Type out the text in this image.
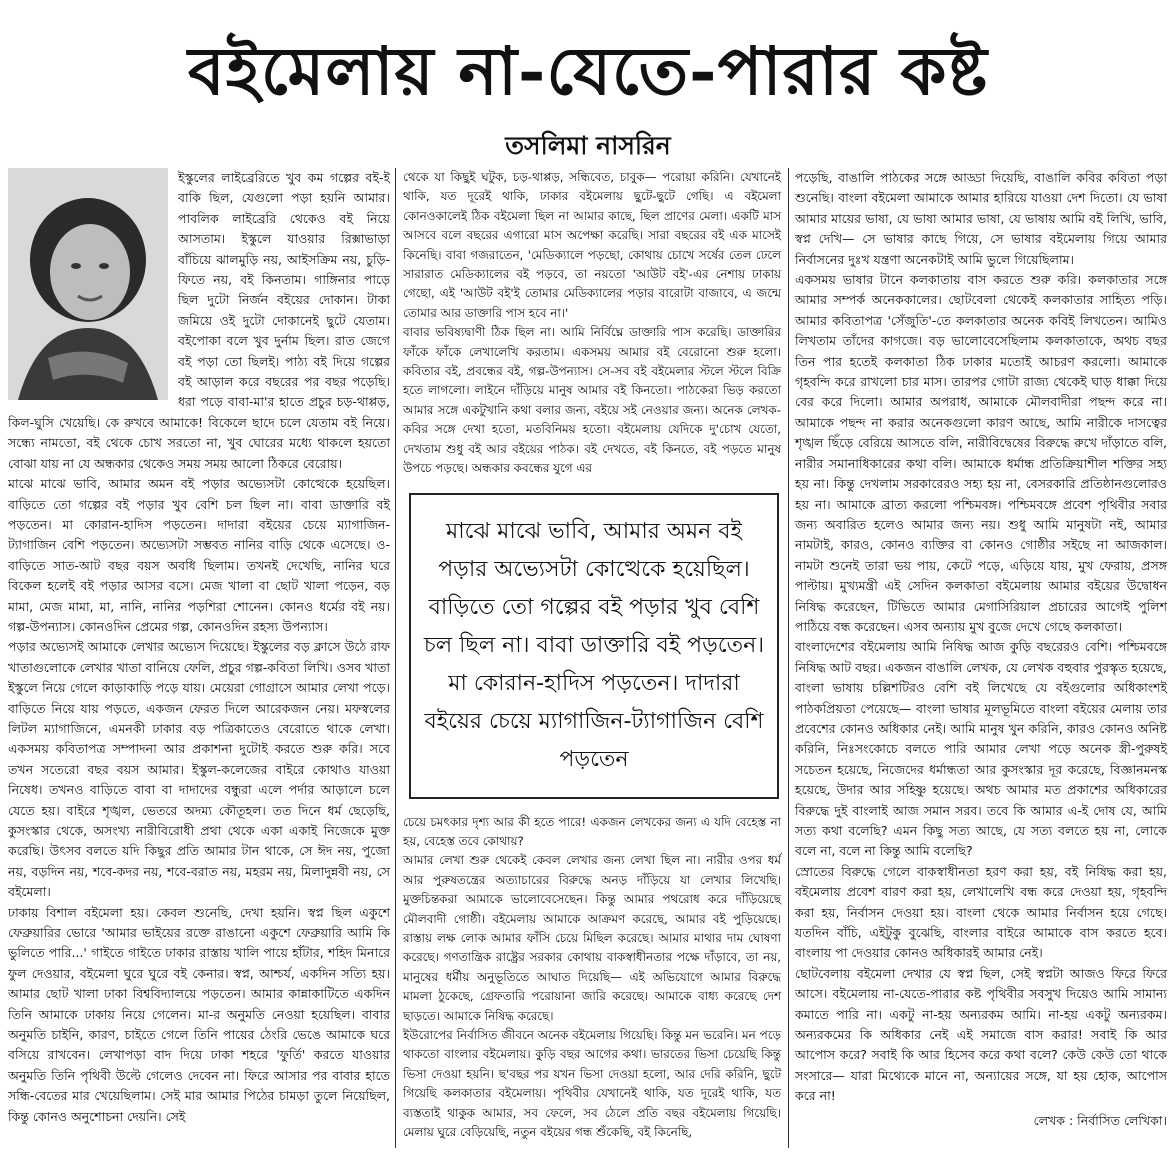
বইমেলায় না-যেতে-পারার কষ্ট
তসলিমা নাসরিন

ইস্কুলের লাইব্রেরিতে খুব কম গল্পের বই-ই বাকি ছিল, যেগুলো পড়া হয়নি আমার। পাবলিক লাইব্রেরি থেকেও বই নিয়ে আসতাম। ইস্কুলে যাওয়ার রিক্সাভাড়া বাঁচিয়ে ঝালমুড়ি নয়, আইসক্রিম নয়, চুড়ি-ফিতে নয়, বই কিনতাম। গাঙ্গিনার পাড়ে ছিল দুটো নির্জন বইয়ের দোকান। টাকা জমিয়ে ওই দুটো দোকানেই ছুটে যেতাম। বইপোকা বলে খুব দুর্নাম ছিল। রাত জেগে বই পড়া তো ছিলই। পাঠ্য বই দিয়ে গল্পের বই আড়াল করে বছরের পর বছর পড়েছি। ধরা পড়ে বাবা-মা'র হাতে প্রচুর চড়-থাপ্পড়, কিল-ঘুসি খেয়েছি। কে রুখবে আমাকে! বিকেলে ছাদে চলে যেতাম বই নিয়ে। সন্ধ্যে নামতো, বই থেকে চোখ সরতো না, খুব ঘোরের মধ্যে থাকলে হয়তো বোঝা যায় না যে অন্ধকার থেকেও সময় সময় আলো ঠিকরে বেরোয়।

মাঝে মাঝে ভাবি, আমার অমন বই পড়ার অভ্যেসটা কোত্থেকে হয়েছিল। বাড়িতে তো গল্পের বই পড়ার খুব বেশি চল ছিল না। বাবা ডাক্তারি বই পড়তেন। মা কোরান-হাদিস পড়তেন। দাদারা বইয়ের চেয়ে ম্যাগাজিন-ট্যাগাজিন বেশি পড়তেন। অভ্যেসটা সম্ভবত নানির বাড়ি থেকে এসেছে। ও-বাড়িতে সাত-আট বছর বয়স অবধি ছিলাম। তখনই দেখেছি, নানির ঘরে বিকেল হলেই বই পড়ার আসর বসে। মেজ খালা বা ছোট খালা পড়েন, বড় মামা, মেজ মামা, মা, নানি, নানির পড়শিরা শোনেন। কোনও ধর্মের বই নয়। গল্প-উপন্যাস। কোনওদিন প্রেমের গল্প, কোনওদিন রহস্য উপন্যাস।

পড়ার অভ্যেসই আমাকে লেখার অভ্যেস দিয়েছে। ইস্কুলের বড় ক্লাসে উঠে রাফ খাতাগুলোকে লেখার খাতা বানিয়ে ফেলি, প্রচুর গল্প-কবিতা লিখি। ওসব খাতা ইস্কুলে নিয়ে গেলে কাড়াকাড়ি পড়ে যায়। মেয়েরা গোগ্রাসে আমার লেখা পড়ে। বাড়িতে নিয়ে যায় পড়তে, একজন ফেরত দিলে আরেকজন নেয়। মফস্বলের লিটল ম্যাগাজিনে, এমনকী ঢাকার বড় পত্রিকাতেও বেরোতে থাকে লেখা। একসময় কবিতাপত্র সম্পাদনা আর প্রকাশনা দুটোই করতে শুরু করি। সবে তখন সতেরো বছর বয়স আমার। ইস্কুল-কলেজের বাইরে কোথাও যাওয়া নিষেধ। তখনও বাড়িতে বাবা বা দাদাদের বন্ধুরা এলে পর্দার আড়ালে চলে যেতে হয়। বাইরে শৃঙ্খল, ভেতরে অদম্য কৌতূহল। তত দিনে ধর্ম ছেড়েছি, কুসংস্কার থেকে, অসংখ্য নারীবিরোধী প্রথা থেকে একা একাই নিজেকে মুক্ত করেছি। উৎসব বলতে যদি কিছুর প্রতি আমার টান থাকে, সে ঈদ নয়, পুজো নয়, বড়দিন নয়, শবে-কদর নয়, শবে-বরাত নয়, মহরম নয়, মিলাদুন্নবী নয়, সে বইমেলা।

ঢাকায় বিশাল বইমেলা হয়। কেবল শুনেছি, দেখা হয়নি। স্বপ্ন ছিল একুশে ফেব্রুয়ারির ভোরে 'আমার ভাইয়ের রক্তে রাঙানো একুশে ফেব্রুয়ারি আমি কি ভুলিতে পারি...' গাইতে গাইতে ঢাকার রাস্তায় খালি পায়ে হাঁটার, শহিদ মিনারে ফুল দেওয়ার, বইমেলা ঘুরে ঘুরে বই কেনার। স্বপ্ন, আশ্চর্য, একদিন সত্যি হয়। আমার ছোট খালা ঢাকা বিশ্ববিদ্যালয়ে পড়তেন। আমার কান্নাকাটিতে একদিন তিনি আমাকে ঢাকায় নিয়ে গেলেন। মা-র অনুমতি নেওয়া হয়েছিল। বাবার অনুমতি চাইনি, কারণ, চাইতে গেলে তিনি পায়ের ঠেংরি ভেঙে আমাকে ঘরে বসিয়ে রাখবেন। লেখাপড়া বাদ দিয়ে ঢাকা শহরে 'ফুর্তি' করতে যাওয়ার অনুমতি তিনি পৃথিবী উল্টে গেলেও দেবেন না। ফিরে আসার পর বাবার হাতে সন্ধি-বেতের মার খেয়েছিলাম। সেই মার আমার পিঠের চামড়া তুলে নিয়েছিল, কিন্তু কোনও অনুশোচনা দেয়নি। সেই

থেকে যা কিছুই ঘটুক, চড়-থাপ্পড়, সন্ধিবেত, চাবুক— পরোয়া করিনি। যেখানেই থাকি, যত দূরেই থাকি, ঢাকার বইমেলায় ছুটে-ছুটে গেছি। এ বইমেলা কোনওকালেই ঠিক বইমেলা ছিল না আমার কাছে, ছিল প্রাণের মেলা। একটি মাস আসবে বলে বছরের এগারো মাস অপেক্ষা করেছি। সারা বছরের বই এক মাসেই কিনেছি। বাবা গজরাতেন, 'মেডিক্যালে পড়ছো, কোথায় চোখে সর্ষের তেল ঢেলে সারারাত মেডিক্যালের বই পড়বে, তা নয়তো 'আউট বই'-এর নেশায় ঢাকায় গেছো, এই 'আউট বই'ই তোমার মেডিক্যালের পড়ার বারোটা বাজাবে, এ জন্মে তোমার আর ডাক্তারি পাস হবে না।'

বাবার ভবিষ্যদ্বাণী ঠিক ছিল না। আমি নির্বিঘ্নে ডাক্তারি পাস করেছি। ডাক্তারির ফাঁকে ফাঁকে লেখালেখি করতাম। একসময় আমার বই বেরোনো শুরু হলো। কবিতার বই, প্রবন্ধের বই, গল্প-উপন্যাস। সে-সব বই বইমেলার স্টলে স্টলে বিক্রি হতে লাগলো। লাইনে দাঁড়িয়ে মানুষ আমার বই কিনতো। পাঠকেরা ভিড় করতো আমার সঙ্গে একটুখানি কথা বলার জন্য, বইয়ে সই নেওয়ার জন্য। অনেক লেখক-কবির সঙ্গে দেখা হতো, মতবিনিময় হতো। বইমেলায় যেদিকে দু'চোখ যেতো, দেখতাম শুধু বই আর বইয়ের পাঠক। বই দেখতে, বই কিনতে, বই পড়তে মানুষ উপচে পড়ছে। অন্ধকার কবন্ধের যুগে এর

মাঝে মাঝে ভাবি, আমার অমন বই পড়ার অভ্যেসটা কোত্থেকে হয়েছিল। বাড়িতে তো গল্পের বই পড়ার খুব বেশি চল ছিল না। বাবা ডাক্তারি বই পড়তেন। মা কোরান-হাদিস পড়তেন। দাদারা বইয়ের চেয়ে ম্যাগাজিন-ট্যাগাজিন বেশি পড়তেন

চেয়ে চমৎকার দৃশ্য আর কী হতে পারে! একজন লেখকের জন্য এ যদি বেহেস্ত না হয়, বেহেস্ত তবে কোথায়?

আমার লেখা শুরু থেকেই কেবল লেখার জন্য লেখা ছিল না। নারীর ওপর ধর্ম আর পুরুষতন্ত্রের অত্যাচারের বিরুদ্ধে অনড় দাঁড়িয়ে যা লেখার লিখেছি। মুক্তচিন্তকরা আমাকে ভালোবেসেছেন। কিন্তু আমার পথরোধ করে দাঁড়িয়েছে মৌলবাদী গোষ্ঠী। বইমেলায় আমাকে আক্রমণ করেছে, আমার বই পুড়িয়েছে। রাস্তায় লক্ষ লোক আমার ফাঁসি চেয়ে মিছিল করেছে। আমার মাথার দাম ঘোষণা করেছে। গণতান্ত্রিক রাষ্ট্রের সরকার কোথায় বাকস্বাধীনতার পক্ষে দাঁড়াবে, তা নয়, মানুষের ধর্মীয় অনুভূতিতে আঘাত দিয়েছি— এই অভিযোগে আমার বিরুদ্ধে মামলা ঠুকেছে, গ্রেফতারি পরোয়ানা জারি করেছে। আমাকে বাধ্য করেছে দেশ ছাড়তে। আমাকে নিষিদ্ধ করেছে।

ইউরোপের নির্বাসিত জীবনে অনেক বইমেলায় গিয়েছি। কিন্তু মন ভরেনি। মন পড়ে থাকতো বাংলার বইমেলায়। কুড়ি বছর আগের কথা। ভারতের ভিসা চেয়েছি কিন্তু ভিসা দেওয়া হয়নি। ছ'বছর পর যখন ভিসা দেওয়া হলো, আর দেরি করিনি, ছুটে গিয়েছি কলকাতার বইমেলায়। পৃথিবীর যেখানেই থাকি, যত দূরেই থাকি, যত ব্যস্ততাই থাকুক আমার, সব ফেলে, সব ঠেলে প্রতি বছর বইমেলায় গিয়েছি। মেলায় ঘুরে বেড়িয়েছি, নতুন বইয়ের গন্ধ শুঁকেছি, বই কিনেছি,

পড়েছি, বাঙালি পাঠকের সঙ্গে আড্ডা দিয়েছি, বাঙালি কবির কবিতা পড়া শুনেছি। বাংলা বইমেলা আমাকে আমার হারিয়ে যাওয়া দেশ দিতো। যে ভাষা আমার মায়ের ভাষা, যে ভাষা আমার ভাষা, যে ভাষায় আমি বই লিখি, ভাবি, স্বপ্ন দেখি— সে ভাষার কাছে গিয়ে, সে ভাষার বইমেলায় গিয়ে আমার নির্বাসনের দুঃখ যন্ত্রণা অনেকটাই আমি ভুলে গিয়েছিলাম।

একসময় ভাষার টানে কলকাতায় বাস করতে শুরু করি। কলকাতার সঙ্গে আমার সম্পর্ক অনেককালের। ছোটবেলা থেকেই কলকাতার সাহিত্য পড়ি। আমার কবিতাপত্র 'সেঁজুতি'-তে কলকাতার অনেক কবিই লিখতেন। আমিও লিখতাম তাঁদের কাগজে। বড় ভালোবেসেছিলাম কলকাতাকে, অথচ বছর তিন পার হতেই কলকাতা ঠিক ঢাকার মতোই আচরণ করলো। আমাকে গৃহবন্দি করে রাখলো চার মাস। তারপর গোটা রাজ্য থেকেই ঘাড় ধাক্কা দিয়ে বের করে দিলো। আমার অপরাধ, আমাকে মৌলবাদীরা পছন্দ করে না। আমাকে পছন্দ না করার অনেকগুলো কারণ আছে, আমি নারীকে দাসত্বের শৃঙ্খল ছিঁড়ে বেরিয়ে আসতে বলি, নারীবিদ্বেষের বিরুদ্ধে রুখে দাঁড়াতে বলি, নারীর সমানাধিকারের কথা বলি। আমাকে ধর্মান্ধ প্রতিক্রিয়াশীল শক্তির সহ্য হয় না। কিন্তু দেখলাম সরকারেরও সহ্য হয় না, বেসরকারি প্রতিষ্ঠানগুলোরও হয় না। আমাকে ব্রাত্য করলো পশ্চিমবঙ্গ। পশ্চিমবঙ্গে প্রবেশ পৃথিবীর সবার জন্য অবারিত হলেও আমার জন্য নয়। শুধু আমি মানুষটা নই, আমার নামটাই, কারও, কোনও ব্যক্তির বা কোনও গোষ্ঠীর সইছে না আজকাল। নামটা শুনেই তারা ভয় পায়, কেটে পড়ে, এড়িয়ে যায়, মুখ ফেরায়, প্রসঙ্গ পাল্টায়। মুখ্যমন্ত্রী এই সেদিন কলকাতা বইমেলায় আমার বইয়ের উদ্বোধন নিষিদ্ধ করেছেন, টিভিতে আমার মেগাসিরিয়াল প্রচারের আগেই পুলিশ পাঠিয়ে বন্ধ করেছেন। এসব অন্যায় মুখ বুজে দেখে গেছে কলকাতা।

বাংলাদেশের বইমেলায় আমি নিষিদ্ধ আজ কুড়ি বছরেরও বেশি। পশ্চিমবঙ্গে নিষিদ্ধ আট বছর। একজন বাঙালি লেখক, যে লেখক বহুবার পুরস্কৃত হয়েছে, বাংলা ভাষায় চল্লিশটিরও বেশি বই লিখেছে যে বইগুলোর অধিকাংশই পাঠকপ্রিয়তা পেয়েছে— বাংলা ভাষার মূলভূমিতে বাংলা বইয়ের মেলায় তার প্রবেশের কোনও অধিকার নেই। আমি মানুষ খুন করিনি, কারও কোনও অনিষ্ট করিনি, নিঃসংকোচে বলতে পারি আমার লেখা পড়ে অনেক স্ত্রী-পুরুষই সচেতন হয়েছে, নিজেদের ধর্মান্ধতা আর কুসংস্কার দূর করেছে, বিজ্ঞানমনস্ক হয়েছে, উদার আর সহিষ্ণু হয়েছে। অথচ আমার মত প্রকাশের অধিকারের বিরুদ্ধে দুই বাংলাই আজ সমান সরব। তবে কি আমার এ-ই দোষ যে, আমি সত্য কথা বলেছি? এমন কিছু সত্য আছে, যে সত্য বলতে হয় না, লোকে বলে না, বলে না কিন্তু আমি বলেছি?

স্রোতের বিরুদ্ধে গেলে বাকস্বাধীনতা হরণ করা হয়, বই নিষিদ্ধ করা হয়, বইমেলায় প্রবেশ বারণ করা হয়, লেখালেখি বন্ধ করে দেওয়া হয়, গৃহবন্দি করা হয়, নির্বাসন দেওয়া হয়। বাংলা থেকে আমার নির্বাসন হয়ে গেছে। যতদিন বাঁচি, এইটুকু বুঝেছি, বাংলার বাইরে আমাকে বাস করতে হবে। বাংলায় পা দেওয়ার কোনও অধিকারই আমার নেই।

ছোটবেলায় বইমেলা দেখার যে স্বপ্ন ছিল, সেই স্বপ্নটা আজও ফিরে ফিরে আসে। বইমেলায় না-যেতে-পারার কষ্ট পৃথিবীর সবসুখ দিয়েও আমি সামান্য কমাতে পারি না। একটু না-হয় অন্যরকম আমি। না-হয় একটু অন্যরকম। অন্যরকমের কি অধিকার নেই এই সমাজে বাস করার! সবাই কি আর আপোস করে? সবাই কি আর হিসেব করে কথা বলে? কেউ কেউ তো থাকে সংসারে— যারা মিথ্যেকে মানে না, অন্যায়ের সঙ্গে, যা হয় হোক, আপোস করে না!

লেখক : নির্বাসিত লেখিকা।
